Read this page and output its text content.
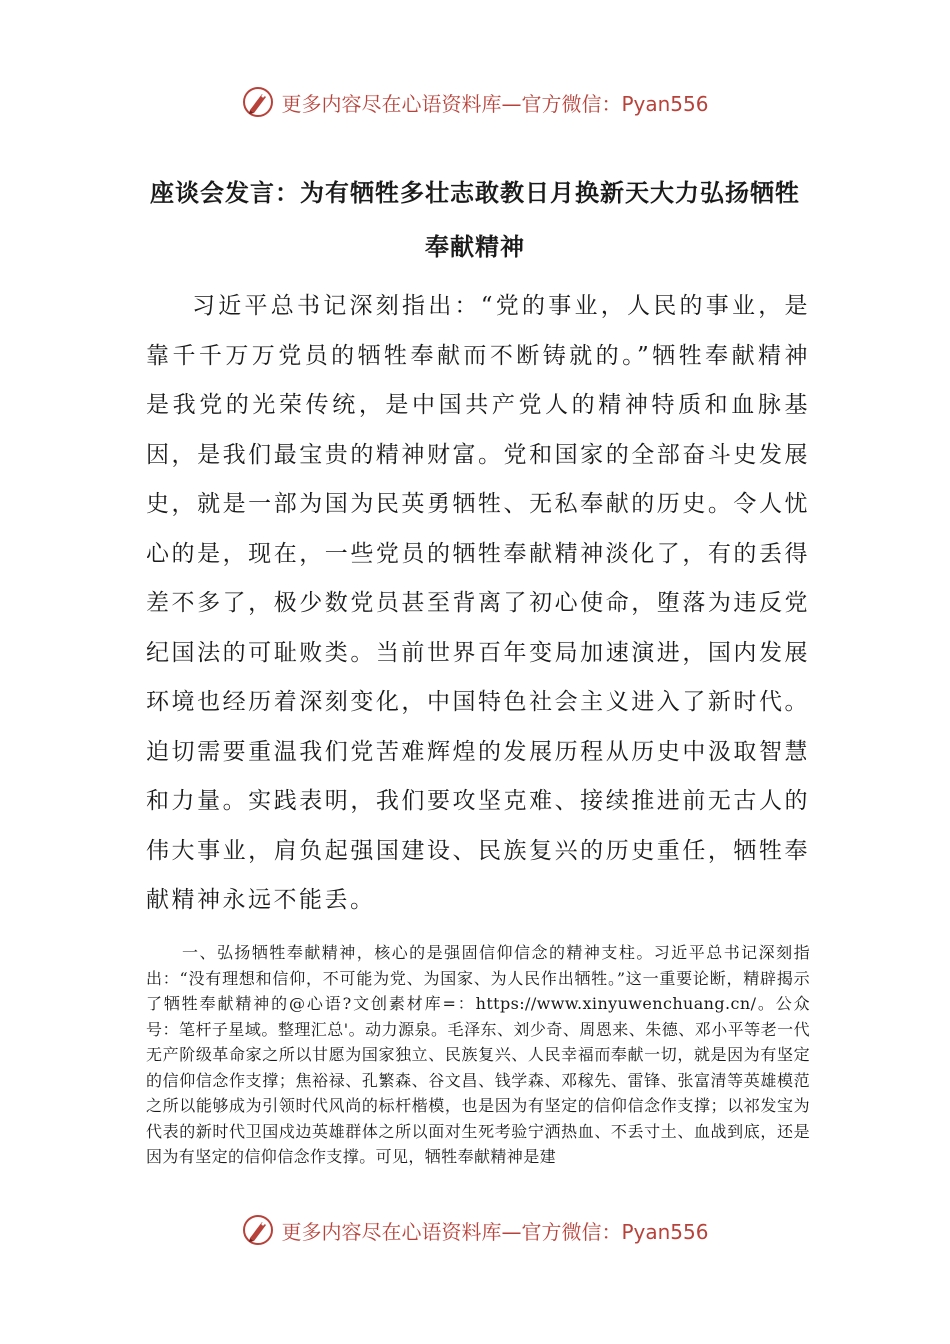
更多内容尽在心语资料库—官方微信：Pyan556
座谈会发言：为有牺牲多壮志敢教日月换新天大力弘扬牺牲奉献精神

习近平总书记深刻指出：“党的事业，人民的事业，是靠千千万万党员的牺牲奉献而不断铸就的。”牺牲奉献精神是我党的光荣传统，是中国共产党人的精神特质和血脉基因，是我们最宝贵的精神财富。党和国家的全部奋斗史发展史，就是一部为国为民英勇牺牲、无私奉献的历史。令人忧心的是，现在，一些党员的牺牲奉献精神淡化了，有的丢得差不多了，极少数党员甚至背离了初心使命，堕落为违反党纪国法的可耻败类。当前世界百年变局加速演进，国内发展环境也经历着深刻变化，中国特色社会主义进入了新时代。迫切需要重温我们党苦难辉煌的发展历程从历史中汲取智慧和力量。实践表明，我们要攻坚克难、接续推进前无古人的伟大事业，肩负起强国建设、民族复兴的历史重任，牺牲奉献精神永远不能丢。

一、弘扬牺牲奉献精神，核心的是强固信仰信念的精神支柱。习近平总书记深刻指出：“没有理想和信仰，不可能为党、为国家、为人民作出牺牲。”这一重要论断，精辟揭示了牺牲奉献精神的@心语?文创素材库=：https://www.xinyuwenchuang.cn/。公众号：笔杆子星域。整理汇总'。动力源泉。毛泽东、刘少奇、周恩来、朱德、邓小平等老一代无产阶级革命家之所以甘愿为国家独立、民族复兴、人民幸福而奉献一切，就是因为有坚定的信仰信念作支撑；焦裕禄、孔繁森、谷文昌、钱学森、邓稼先、雷锋、张富清等英雄模范之所以能够成为引领时代风尚的标杆楷模，也是因为有坚定的信仰信念作支撑；以祁发宝为代表的新时代卫国戍边英雄群体之所以面对生死考验宁洒热血、不丢寸土、血战到底，还是因为有坚定的信仰信念作支撑。可见，牺牲奉献精神是建

更多内容尽在心语资料库—官方微信：Pyan556
